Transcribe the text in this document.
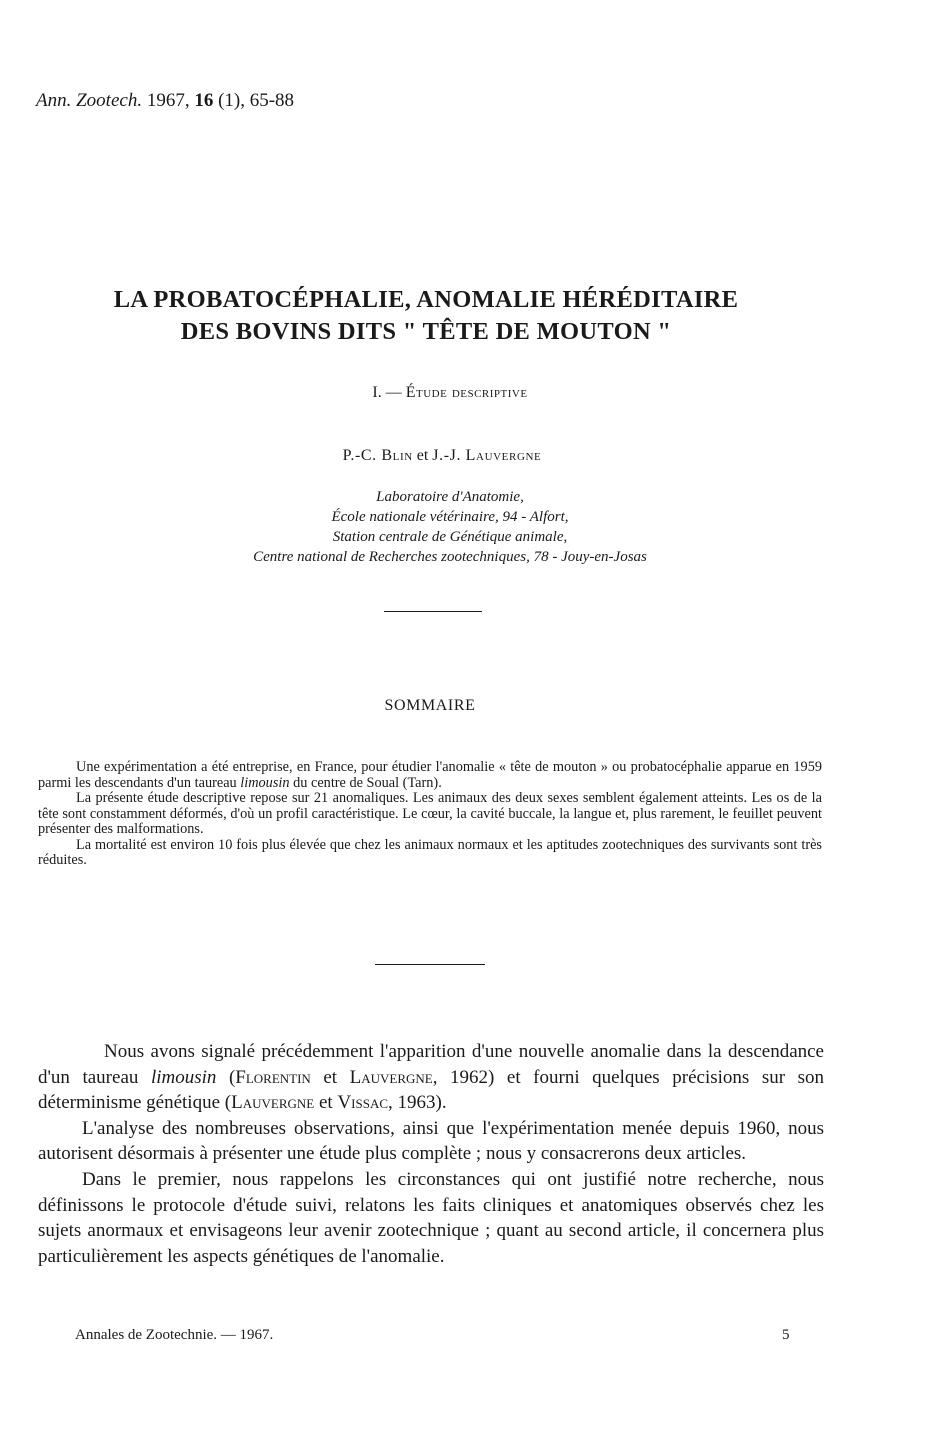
Ann. Zootech. 1967, 16 (1), 65-88
LA PROBATOCÉPHALIE, ANOMALIE HÉRÉDITAIRE
DES BOVINS DITS " TÊTE DE MOUTON "
I. — Étude descriptive
P.-C. Blin et J.-J. Lauvergne
Laboratoire d'Anatomie,
École nationale vétérinaire, 94 - Alfort,
Station centrale de Génétique animale,
Centre national de Recherches zootechniques, 78 - Jouy-en-Josas
SOMMAIRE

Une expérimentation a été entreprise, en France, pour étudier l'anomalie « tête de mouton » ou probatocéphalie apparue en 1959 parmi les descendants d'un taureau limousin du centre de Soual (Tarn).

La présente étude descriptive repose sur 21 anomaliques. Les animaux des deux sexes semblent également atteints. Les os de la tête sont constamment déformés, d'où un profil caractéristique. Le cœur, la cavité buccale, la langue et, plus rarement, le feuillet peuvent présenter des malformations.

La mortalité est environ 10 fois plus élevée que chez les animaux normaux et les aptitudes zootechniques des survivants sont très réduites.

Nous avons signalé précédemment l'apparition d'une nouvelle anomalie dans la descendance d'un taureau limousin (Florentin et Lauvergne, 1962) et fourni quelques précisions sur son déterminisme génétique (Lauvergne et Vissac, 1963).

L'analyse des nombreuses observations, ainsi que l'expérimentation menée depuis 1960, nous autorisent désormais à présenter une étude plus complète ; nous y consacrerons deux articles.

Dans le premier, nous rappelons les circonstances qui ont justifié notre recherche, nous définissons le protocole d'étude suivi, relatons les faits cliniques et anatomiques observés chez les sujets anormaux et envisageons leur avenir zootechnique ; quant au second article, il concernera plus particulièrement les aspects génétiques de l'anomalie.

Annales de Zootechnie. — 1967.	5
